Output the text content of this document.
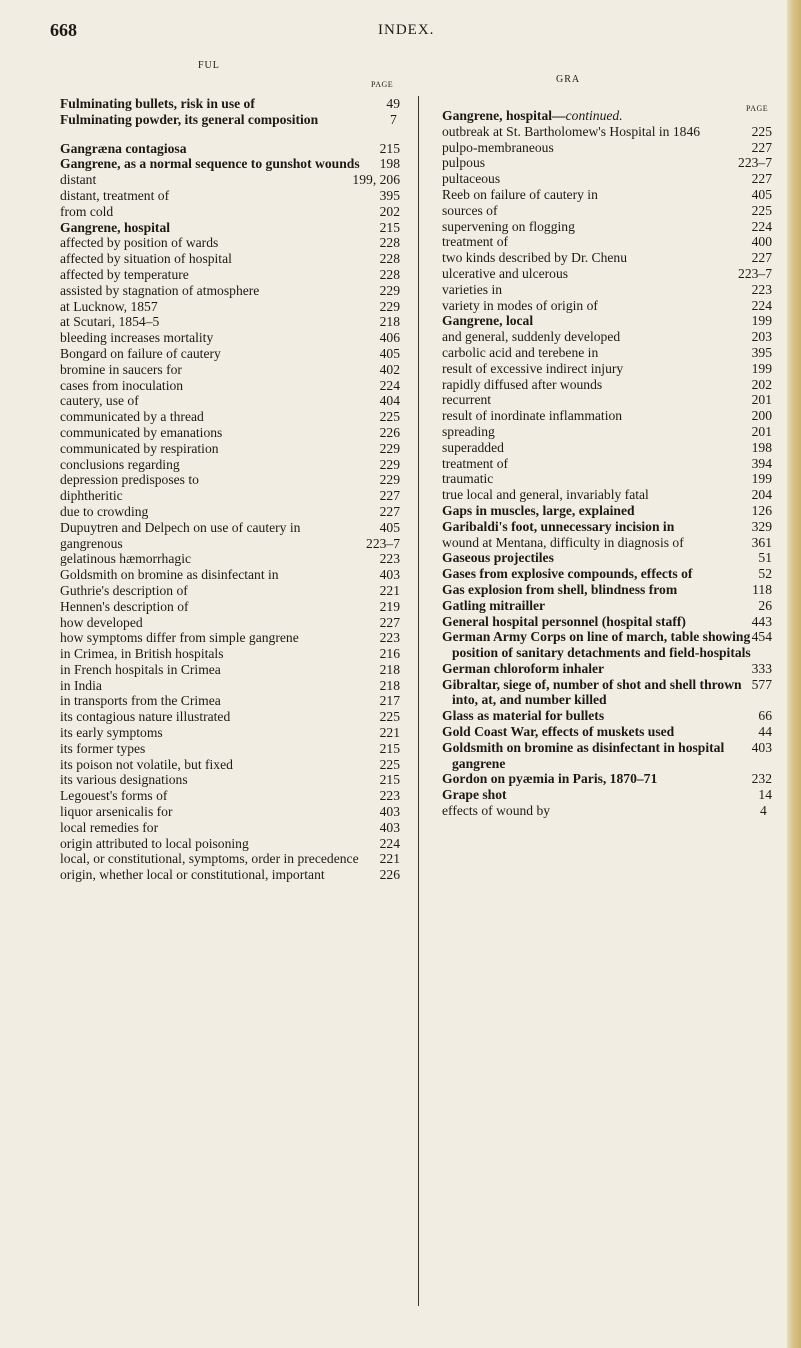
668	INDEX.
FUL
GRA
PAGE
PAGE
49
Fulminating bullets, risk in use of
7
Fulminating powder, its general composition
215
Gangræna contagiosa
198
Gangrene, as a normal sequence to gunshot wounds
199, 206
distant
395
distant, treatment of
202
from cold
215
Gangrene, hospital
228
affected by position of wards
228
affected by situation of hospital
228
affected by temperature
229
assisted by stagnation of atmosphere
229
at Lucknow, 1857
218
at Scutari, 1854–5
406
bleeding increases mortality
405
Bongard on failure of cautery
402
bromine in saucers for
224
cases from inoculation
404
cautery, use of
225
communicated by a thread
226
communicated by emanations
229
communicated by respiration
229
conclusions regarding
229
depression predisposes to
227
diphtheritic
227
due to crowding
405
Dupuytren and Delpech on use of cautery in
223–7
gangrenous
223
gelatinous hæmorrhagic
403
Goldsmith on bromine as disinfectant in
221
Guthrie's description of
219
Hennen's description of
227
how developed
223
how symptoms differ from simple gangrene
216
in Crimea, in British hospitals
218
in French hospitals in Crimea
218
in India
217
in transports from the Crimea
225
its contagious nature illustrated
221
its early symptoms
215
its former types
225
its poison not volatile, but fixed
215
its various designations
223
Legouest's forms of
403
liquor arsenicalis for
403
local remedies for
224
origin attributed to local poisoning
221
local, or constitutional, symptoms, order in precedence
226
origin, whether local or constitutional, important
Gangrene, hospital—continued.
225
outbreak at St. Bartholomew's Hospital in 1846
227
pulpo-membraneous
223–7
pulpous
227
pultaceous
405
Reeb on failure of cautery in
225
sources of
224
supervening on flogging
400
treatment of
227
two kinds described by Dr. Chenu
223–7
ulcerative and ulcerous
223
varieties in
224
variety in modes of origin of
199
Gangrene, local
203
and general, suddenly developed
395
carbolic acid and terebene in
199
result of excessive indirect injury
202
rapidly diffused after wounds
201
recurrent
200
result of inordinate inflammation
201
spreading
198
superadded
394
treatment of
199
traumatic
204
true local and general, invariably fatal
126
Gaps in muscles, large, explained
329
Garibaldi's foot, unnecessary incision in
361
wound at Mentana, difficulty in diagnosis of
51
Gaseous projectiles
52
Gases from explosive compounds, effects of
118
Gas explosion from shell, blindness from
26
Gatling mitrailler
443
General hospital personnel (hospital staff)
454
German Army Corps on line of march, table showing position of sanitary detachments and field-hospitals
333
German chloroform inhaler
577
Gibraltar, siege of, number of shot and shell thrown into, at, and number killed
66
Glass as material for bullets
44
Gold Coast War, effects of muskets used
403
Goldsmith on bromine as disinfectant in hospital gangrene
232
Gordon on pyæmia in Paris, 1870–71
14
Grape shot
4
effects of wound by
